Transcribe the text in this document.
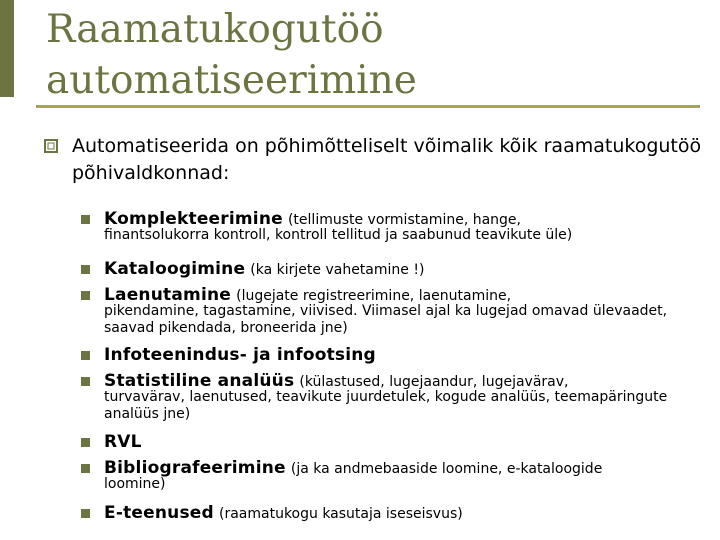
Raamatukogutöö
automatiseerimine
Automatiseerida on põhimõtteliselt võimalik kõik raamatukogutöö põhivaldkonnad:
Komplekteerimine (tellimuste vormistamine, hange,
finantsolukorra kontroll, kontroll tellitud ja saabunud teavikute üle)
Kataloogimine (ka kirjete vahetamine !)
Laenutamine (lugejate registreerimine, laenutamine,
pikendamine, tagastamine, viivised. Viimasel ajal ka lugejad omavad ülevaadet, saavad pikendada, broneerida jne)
Infoteenindus- ja infootsing
Statistiline analüüs (külastused, lugejaandur, lugejavärav,
turvavärav, laenutused, teavikute juurdetulek, kogude analüüs, teemapäringute analüüs jne)
RVL
Bibliografeerimine (ja ka andmebaaside loomine, e-kataloogide
loomine)
E-teenused (raamatukogu kasutaja iseseisvus)
